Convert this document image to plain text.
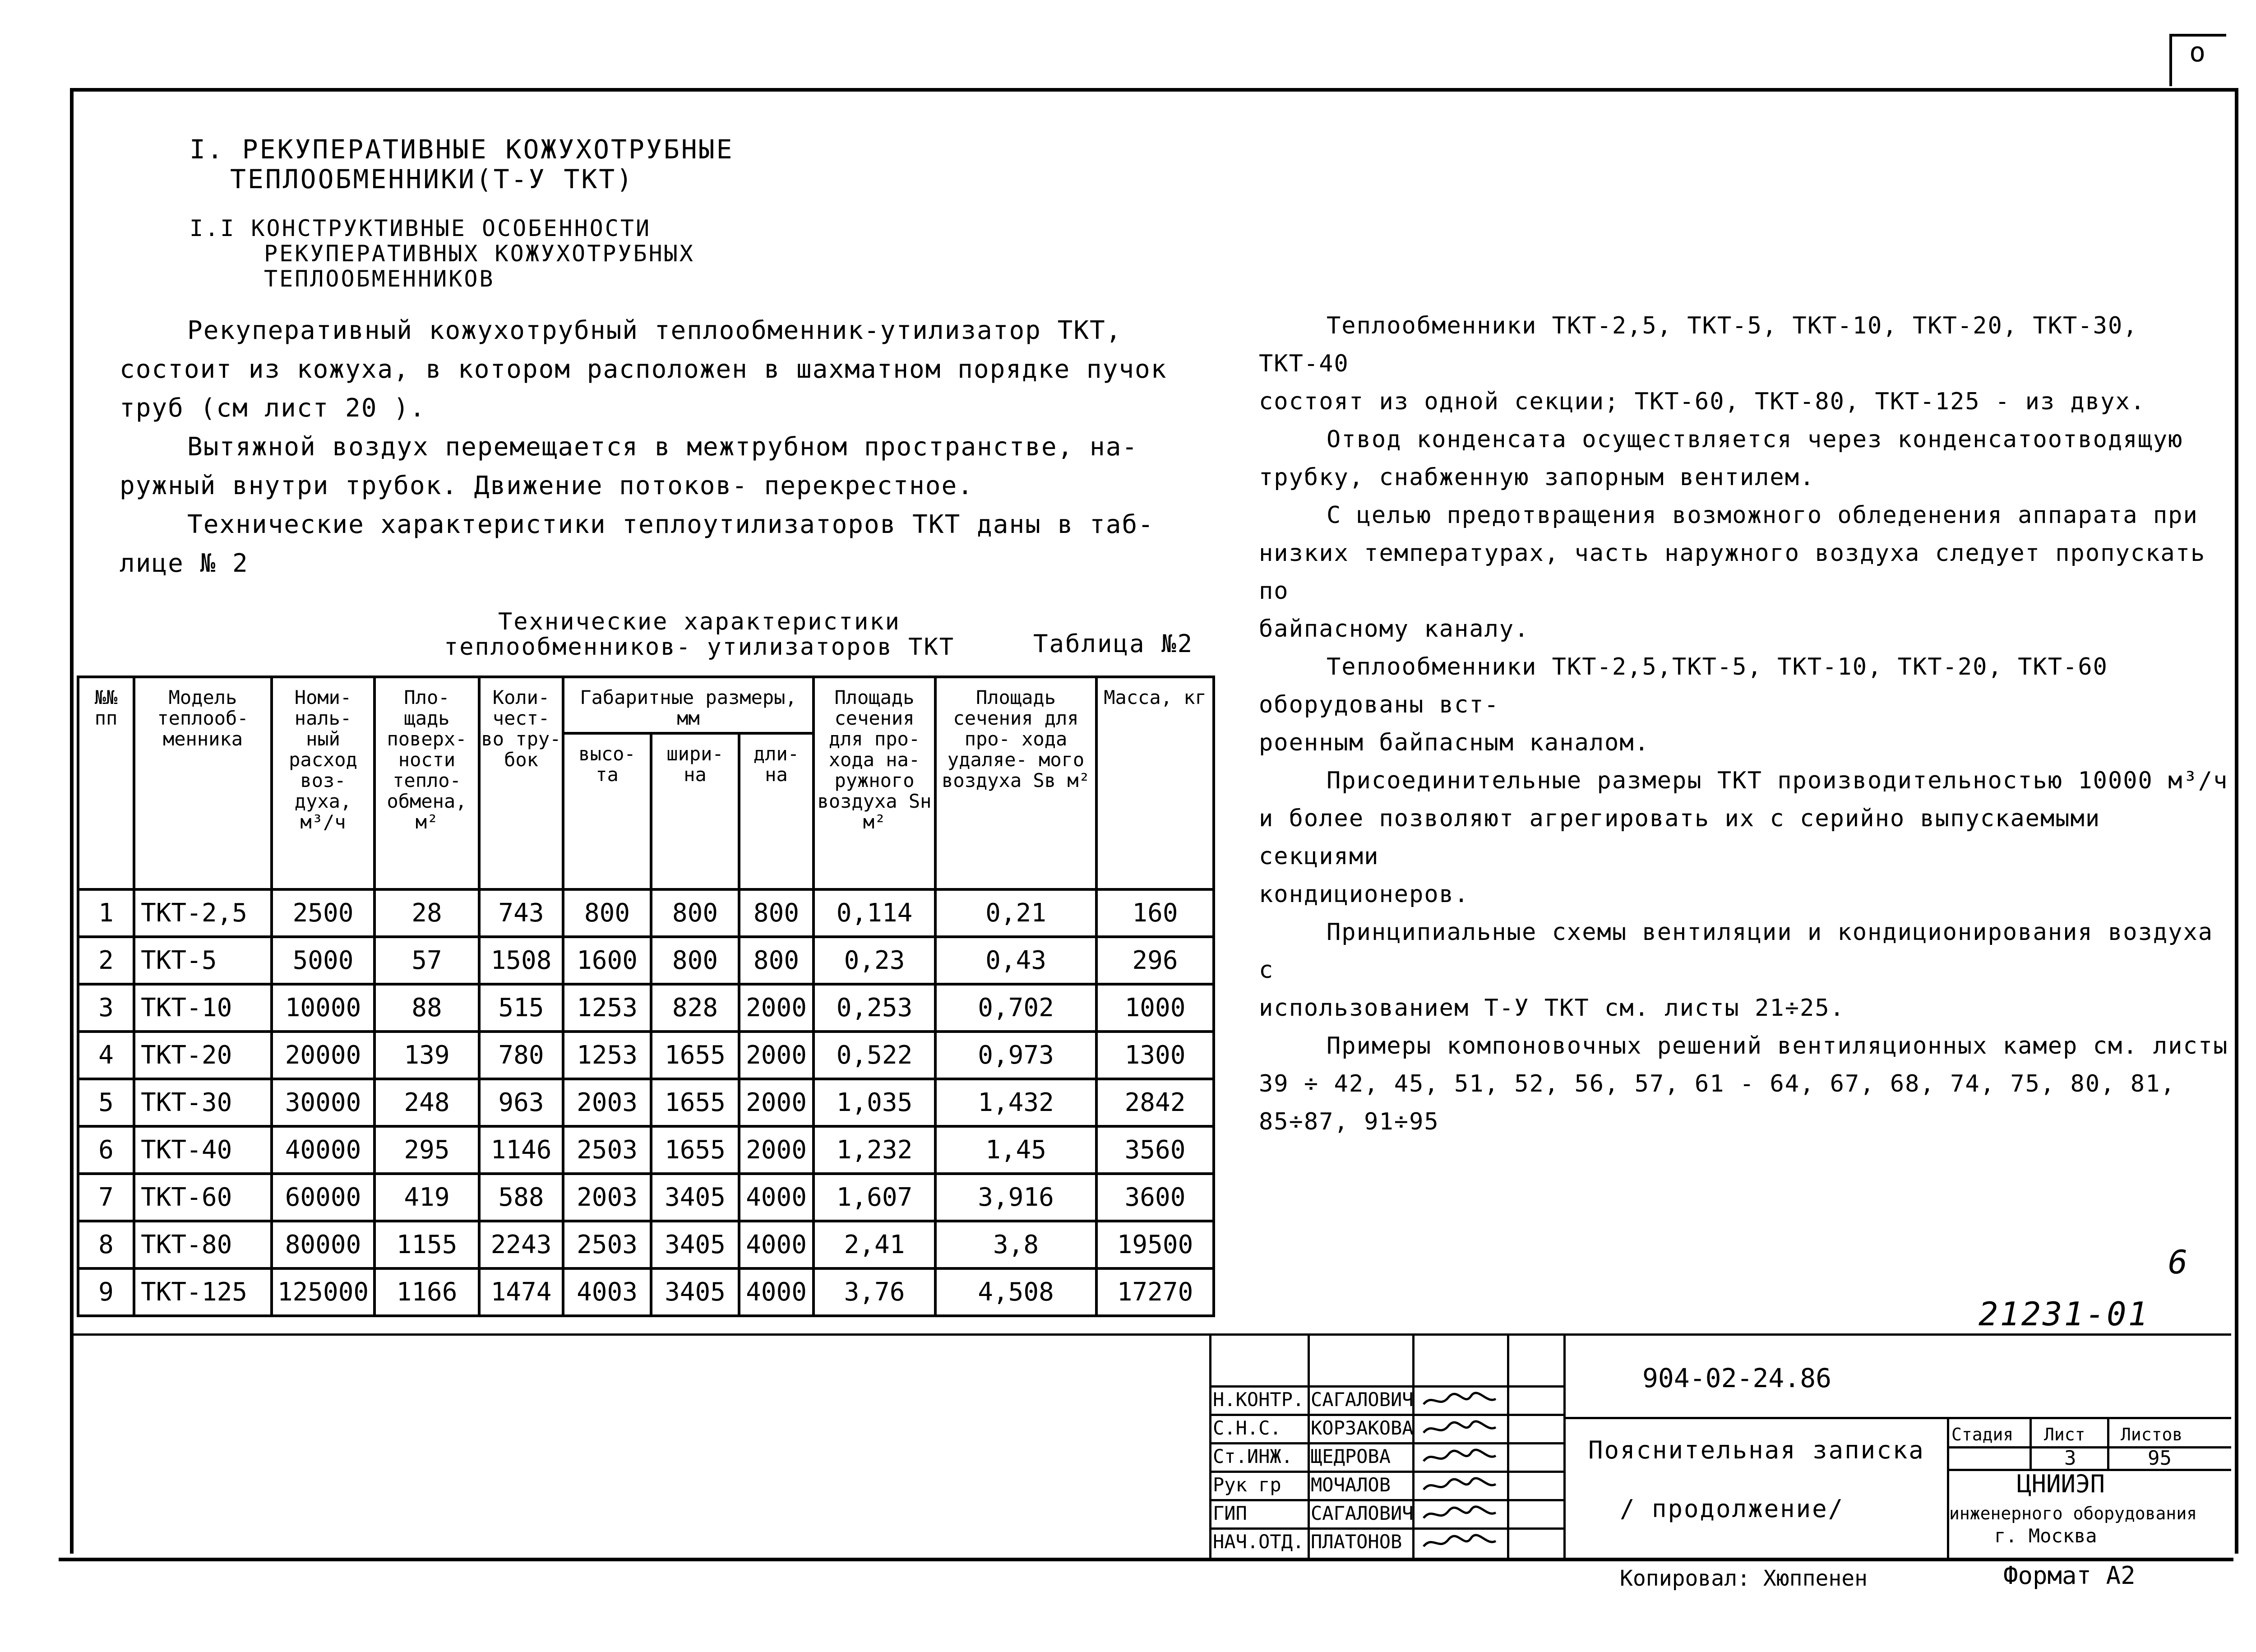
о
I. РЕКУПЕРАТИВНЫЕ КОЖУХОТРУБНЫЕ
ТЕПЛООБМЕННИКИ(Т-У ТКТ)
I.I КОНСТРУКТИВНЫЕ ОСОБЕННОСТИ
РЕКУПЕРАТИВНЫХ КОЖУХОТРУБНЫХ
ТЕПЛООБМЕННИКОВ
Рекуперативный кожухотрубный теплообменник-утилизатор ТКТ,
состоит из кожуха, в котором расположен в шахматном порядке пучок
труб (см лист 20 ).
Вытяжной воздух перемещается в межтрубном пространстве, на-
ружный внутри трубок. Движение потоков- перекрестное.
Технические характеристики теплоутилизаторов ТКТ даны в таб-
лице № 2
Теплообменники ТКТ-2,5, ТКТ-5, ТКТ-10, ТКТ-20, ТКТ-30, ТКТ-40
состоят из одной секции; ТКТ-60, ТКТ-80, ТКТ-125 - из двух.
Отвод конденсата осуществляется через конденсатоотводящую
трубку, снабженную запорным вентилем.
С целью предотвращения возможного обледенения аппарата при
низких температурах, часть наружного воздуха следует пропускать по
байпасному каналу.
Теплообменники ТКТ-2,5,ТКТ-5, ТКТ-10, ТКТ-20, ТКТ-60 оборудованы вст-
роенным байпасным каналом.
Присоединительные размеры ТКТ производительностью 10000 м³/ч
и более позволяют агрегировать их с серийно выпускаемыми секциями
кондиционеров.
Принципиальные схемы вентиляции и кондиционирования воздуха с
использованием Т-У ТКТ см. листы 21÷25.
Примеры компоновочных решений вентиляционных камер см. листы
39 ÷ 42, 45, 51, 52, 56, 57, 61 - 64, 67, 68, 74, 75, 80, 81, 85÷87, 91÷95
Технические характеристики
теплообменников- утилизаторов ТКТ	Таблица №2
№№ пп	Модель теплооб- менника	Номи- наль- ный расход воз- духа, м³/ч	Пло- щадь поверх- ности тепло- обмена, м²	Коли- чест- во тру- бок	Габаритные размеры, мм			Площадь сечения для про- хода на- ружного воздуха Sн м²	Площадь сечения для про- хода удаляе- мого воздуха Sв м²	Масса, кг
					высо- та	шири- на	дли- на			
1	ТКТ-2,5	2500	28	743	800	800	800	0,114	0,21	160
2	ТКТ-5	5000	57	1508	1600	800	800	0,23	0,43	296
3	ТКТ-10	10000	88	515	1253	828	2000	0,253	0,702	1000
4	ТКТ-20	20000	139	780	1253	1655	2000	0,522	0,973	1300
5	ТКТ-30	30000	248	963	2003	1655	2000	1,035	1,432	2842
6	ТКТ-40	40000	295	1146	2503	1655	2000	1,232	1,45	3560
7	ТКТ-60	60000	419	588	2003	3405	4000	1,607	3,916	3600
8	ТКТ-80	80000	1155	2243	2503	3405	4000	2,41	3,8	19500
9	ТКТ-125	125000	1166	1474	4003	3405	4000	3,76	4,508	17270

6
21231-01
Н.КОНТР. САГАЛОВИЧ
С.Н.С. КОРЗАКОВА
Ст.ИНЖ. ЩЕДРОВА
Рук гр МОЧАЛОВ
ГИП	САГАЛОВИЧ
НАЧ.ОТД. ПЛАТОНОВ
904-02-24.86
Пояснительная записка
/ продолжение/
Стадия Лист Листов
3	95
ЦНИИЭП
инженерного оборудования
г. Москва
Копировал: Хюппенен	Формат А2
